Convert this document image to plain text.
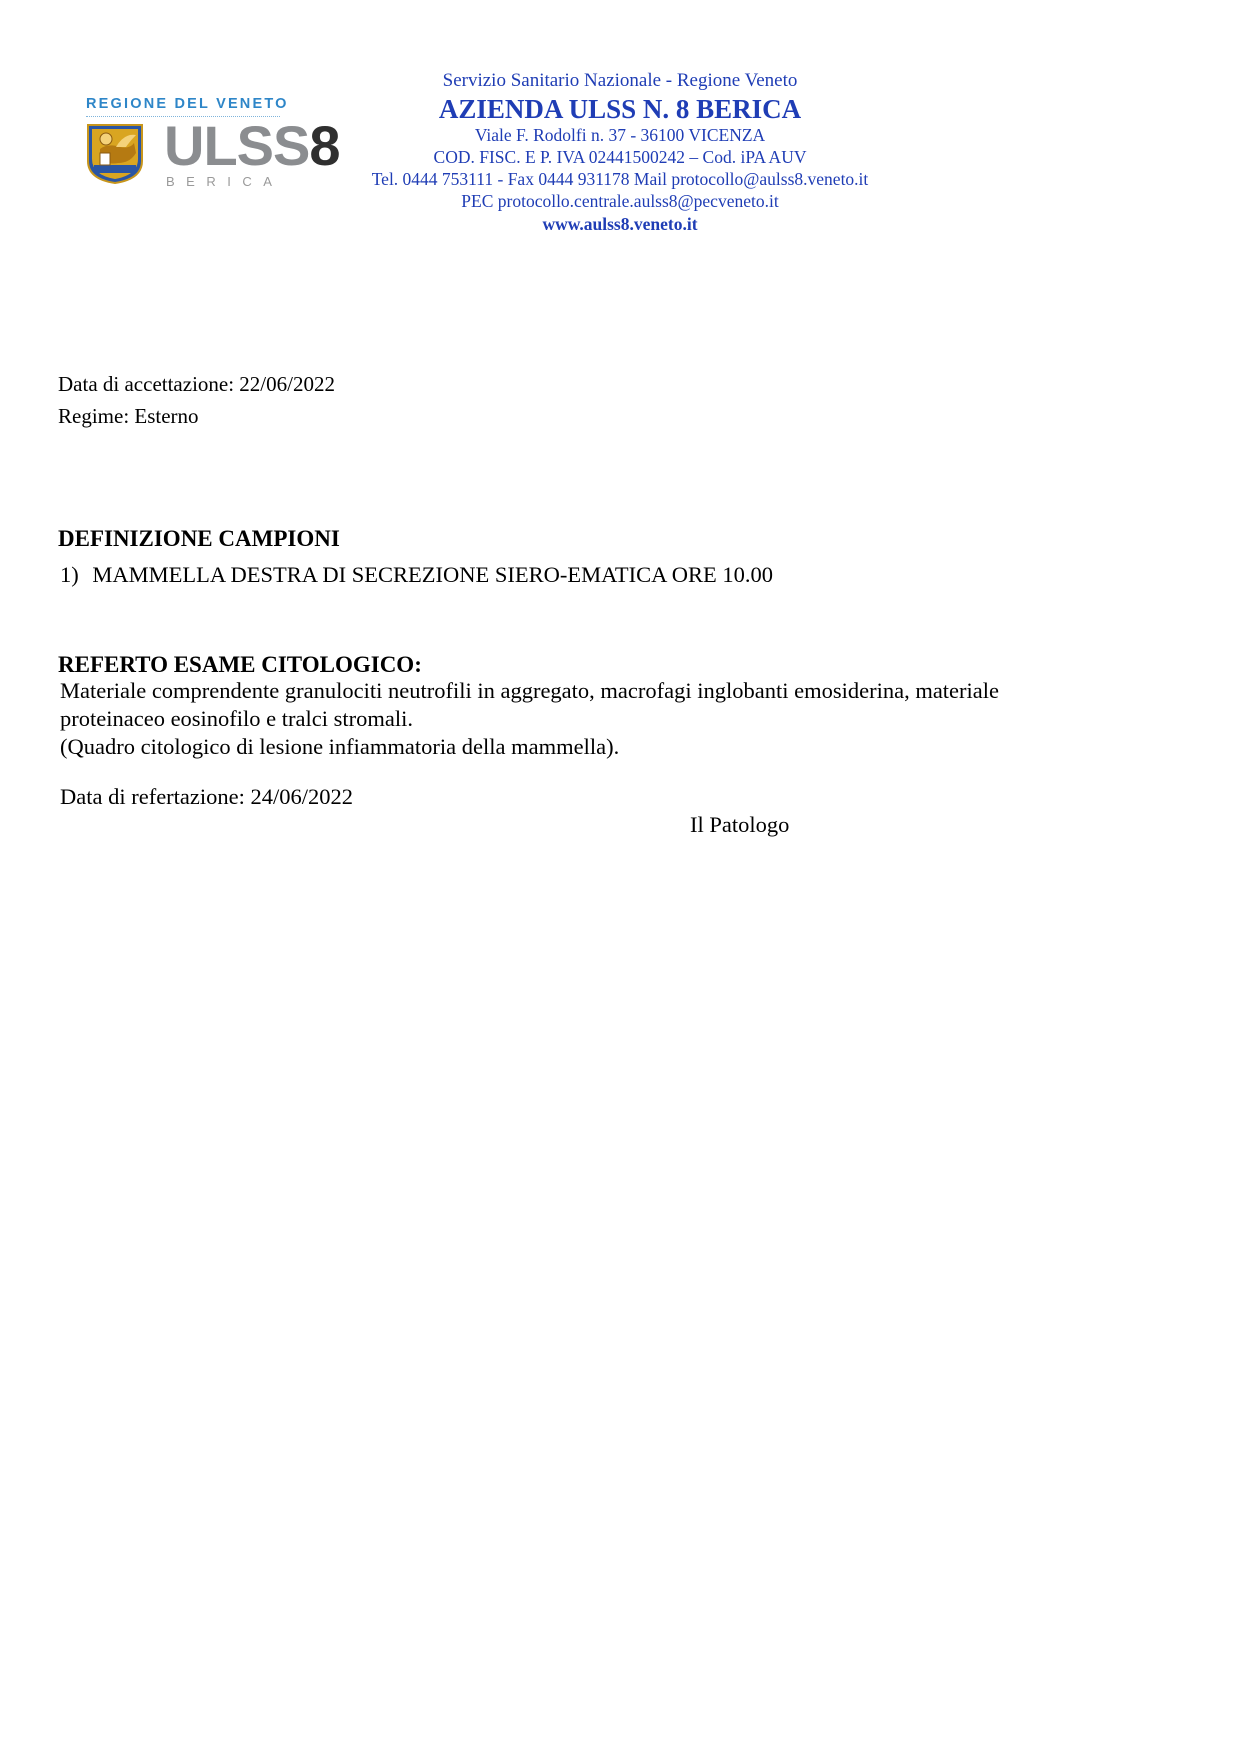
REGIONE DEL VENETO
ULSS8
BERICA
Servizio Sanitario Nazionale - Regione Veneto
AZIENDA ULSS N. 8 BERICA
Viale F. Rodolfi n. 37 - 36100 VICENZA
COD. FISC. E P. IVA 02441500242 – Cod. iPA AUV
Tel. 0444 753111 - Fax 0444 931178 Mail protocollo@aulss8.veneto.it
PEC protocollo.centrale.aulss8@pecveneto.it
www.aulss8.veneto.it
Data di accettazione: 22/06/2022
Regime: Esterno
DEFINIZIONE CAMPIONI
1) MAMMELLA DESTRA DI SECREZIONE SIERO-EMATICA ORE 10.00
REFERTO ESAME CITOLOGICO:
Materiale comprendente granulociti neutrofili in aggregato, macrofagi inglobanti emosiderina, materiale
proteinaceo eosinofilo e tralci stromali.
(Quadro citologico di lesione infiammatoria della mammella).
Data di refertazione: 24/06/2022
Il Patologo
